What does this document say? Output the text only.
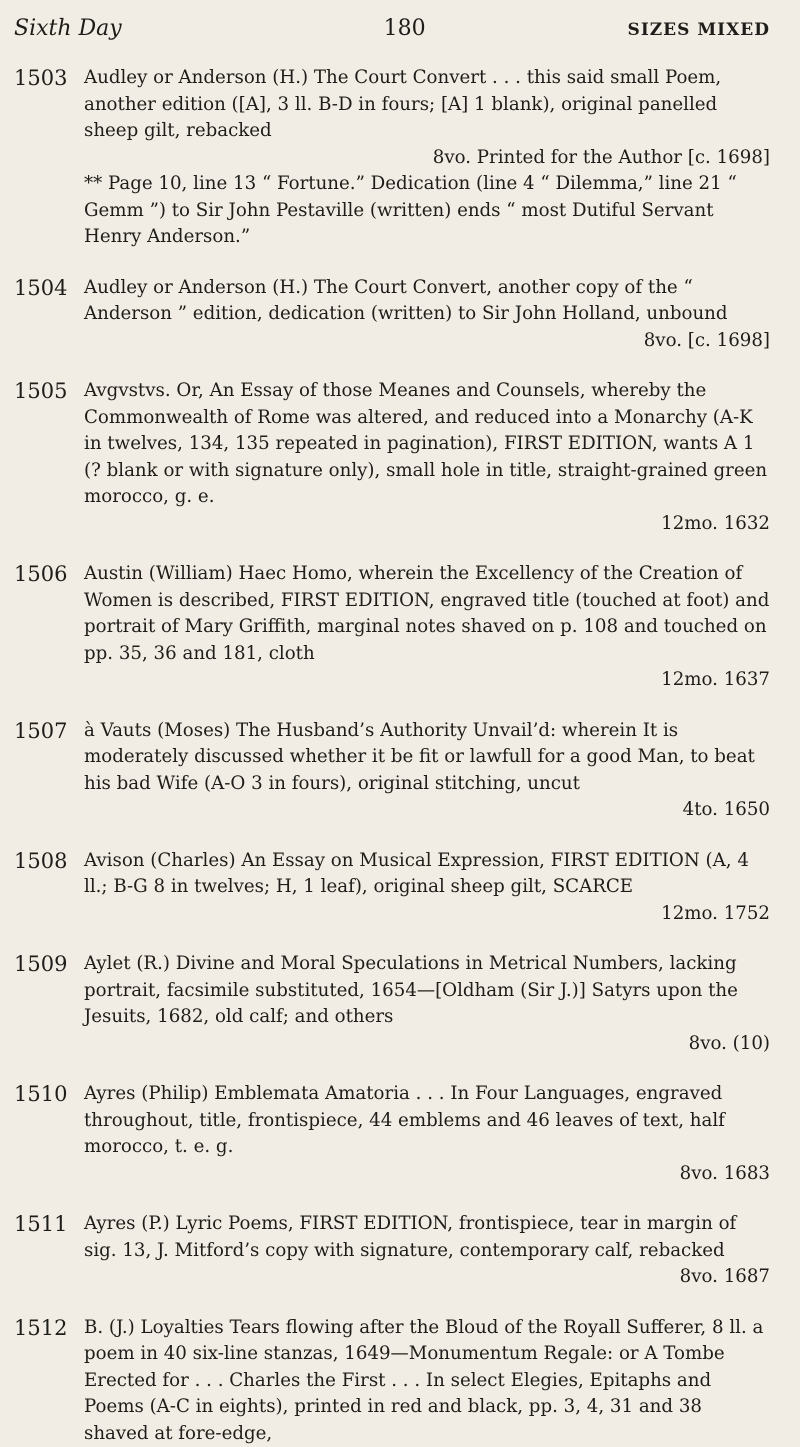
Sixth Day	180	SIZES MIXED
1503 Audley or Anderson (H.) The Court Convert . . . this said small Poem, another edition ([A], 3 ll. B-D in fours; [A] 1 blank), original panelled sheep gilt, rebacked
8vo. Printed for the Author [c. 1698]
** Page 10, line 13 “ Fortune.” Dedication (line 4 “ Dilemma,” line 21 “ Gemm ”) to Sir John Pestaville (written) ends “ most Dutiful Servant Henry Anderson.”
1504 Audley or Anderson (H.) The Court Convert, another copy of the “ Anderson ” edition, dedication (written) to Sir John Holland, unbound
8vo. [c. 1698]
1505 Avgvstvs. Or, An Essay of those Meanes and Counsels, whereby the Commonwealth of Rome was altered, and reduced into a Monarchy (A-K in twelves, 134, 135 repeated in pagination), FIRST EDITION, wants A 1 (? blank or with signature only), small hole in title, straight-grained green morocco, g. e.
12mo. 1632
1506 Austin (William) Haec Homo, wherein the Excellency of the Creation of Women is described, FIRST EDITION, engraved title (touched at foot) and portrait of Mary Griffith, marginal notes shaved on p. 108 and touched on pp. 35, 36 and 181, cloth
12mo. 1637
1507 à Vauts (Moses) The Husband’s Authority Unvail’d: wherein It is moderately discussed whether it be fit or lawfull for a good Man, to beat his bad Wife (A-O 3 in fours), original stitching, uncut
4to. 1650
1508 Avison (Charles) An Essay on Musical Expression, FIRST EDITION (A, 4 ll.; B-G 8 in twelves; H, 1 leaf), original sheep gilt, SCARCE
12mo. 1752
1509 Aylet (R.) Divine and Moral Speculations in Metrical Numbers, lacking portrait, facsimile substituted, 1654—[Oldham (Sir J.)] Satyrs upon the Jesuits, 1682, old calf; and others
8vo. (10)
1510 Ayres (Philip) Emblemata Amatoria . . . In Four Languages, engraved throughout, title, frontispiece, 44 emblems and 46 leaves of text, half morocco, t. e. g.
8vo. 1683
1511 Ayres (P.) Lyric Poems, FIRST EDITION, frontispiece, tear in margin of sig. 13, J. Mitford’s copy with signature, contemporary calf, rebacked
8vo. 1687
1512 B. (J.) Loyalties Tears flowing after the Bloud of the Royall Sufferer, 8 ll. a poem in 40 six-line stanzas, 1649—Monumentum Regale: or A Tombe Erected for . . . Charles the First . . . In select Elegies, Epitaphs and Poems (A-C in eights), printed in red and black, pp. 3, 4, 31 and 38 shaved at fore-edge,
